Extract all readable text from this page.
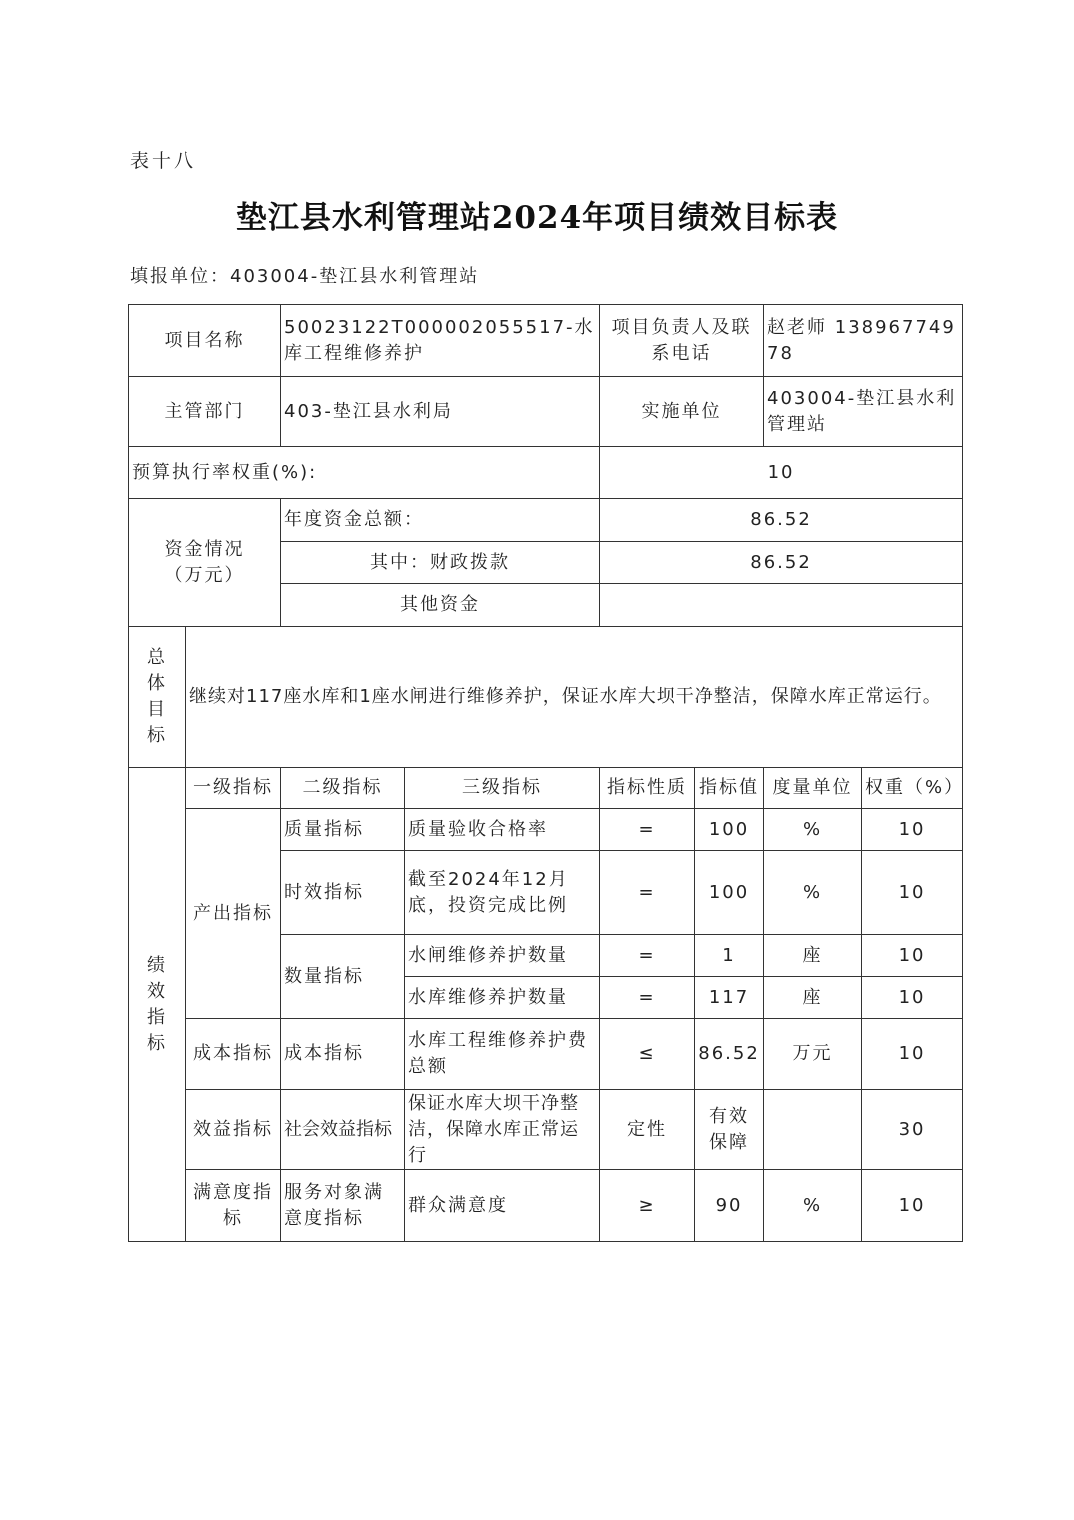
表十八
垫江县水利管理站2024年项目绩效目标表
填报单位：403004-垫江县水利管理站
项目名称		50023122T000002055517-水库工程维修养护		项目负责人及联系电话		赵老师 13896774978	
主管部门		403-垫江县水利局		实施单位		403004-垫江县水利管理站	
预算执行率权重(%):				10			
资金情况（万元）		年度资金总额：		86.52			
		其中：财政拨款		86.52			
		其他资金					
总体目标	继续对117座水库和1座水闸进行维修养护，保证水库大坝干净整洁，保障水库正常运行。						
绩效指标	一级指标	二级指标	三级指标	指标性质	指标值	度量单位	权重（%）
	产出指标	质量指标	质量验收合格率	=	100	%	10
		时效指标	截至2024年12月底，投资完成比例	=	100	%	10
		数量指标	水闸维修养护数量	=	1	座	10
			水库维修养护数量	=	117	座	10
	成本指标	成本指标	水库工程维修养护费总额	≤	86.52	万元	10
	效益指标	社会效益指标	保证水库大坝干净整洁，保障水库正常运行	定性	有效保障		30
	满意度指标	服务对象满意度指标	群众满意度	≥	90	%	10
